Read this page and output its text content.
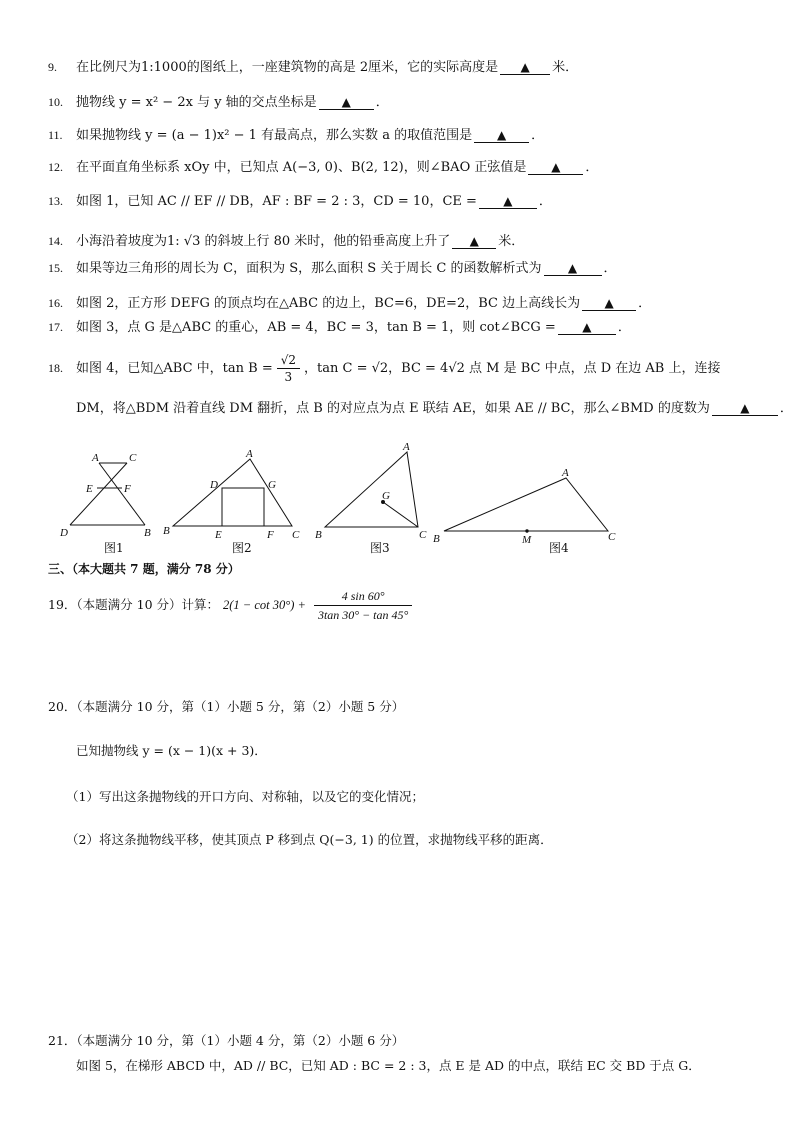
9. 在比例尺为1:1000的图纸上，一座建筑物的高是 2厘米，它的实际高度是 ▲ 米．
10. 抛物线 y = x² − 2x 与 y 轴的交点坐标是 ▲ ．
11. 如果抛物线 y = (a − 1)x² − 1 有最高点，那么实数 a 的取值范围是 ▲ ．
12. 在平面直角坐标系 xOy 中，已知点 A(−3, 0)、B(2, 12)，则∠BAO 正弦值是 ▲ ．
13. 如图 1，已知 AC // EF // DB，AF : BF = 2 : 3，CD = 10，CE = ▲ ．
14. 小海沿着坡度为1: √3 的斜坡上行 80 米时，他的铅垂高度上升了 ▲ 米．
15. 如果等边三角形的周长为 C，面积为 S，那么面积 S 关于周长 C 的函数解析式为 ▲ ．
16. 如图 2，正方形 DEFG 的顶点均在△ABC 的边上，BC=6，DE=2，BC 边上高线长为 ▲ ．
17. 如图 3，点 G 是△ABC 的重心，AB = 4，BC = 3，tan B = 1，则 cot∠BCG = ▲ ．
18. 如图 4，已知△ABC 中，$\tan B = \frac{√2}{3}$ ，tan C = √2，BC = 4√2 点 M 是 BC 中点，点 D 在边 AB 上，连接
DM，将△BDM 沿着直线 DM 翻折，点 B 的对应点为点 E 联结 AE，如果 AE // BC，那么∠BMD 的度数为	▲ ．
A	C
E	F
D	B
A
D	G
B	E	F C
A
G
B	C
A
B	M	C
图1	图2	图3	图4
三、（本大题共 7 题，满分 78 分）
19．（本题满分 10 分）计算： $2(1 - \cot 30^\circ) + \frac{4 \sin 60^\circ}{3\tan 30^\circ - \tan 45^\circ}$
20．（本题满分 10 分，第（1）小题 5 分，第（2）小题 5 分）
已知抛物线 y = (x − 1)(x + 3)．
（1）写出这条抛物线的开口方向、对称轴，以及它的变化情况；
（2）将这条抛物线平移，使其顶点 P 移到点 Q(−3, 1) 的位置，求抛物线平移的距离．
21．（本题满分 10 分，第（1）小题 4 分，第（2）小题 6 分）
如图 5，在梯形 ABCD 中，AD // BC，已知 AD : BC = 2 : 3，点 E 是 AD 的中点，联结 EC 交 BD 于点 G．
